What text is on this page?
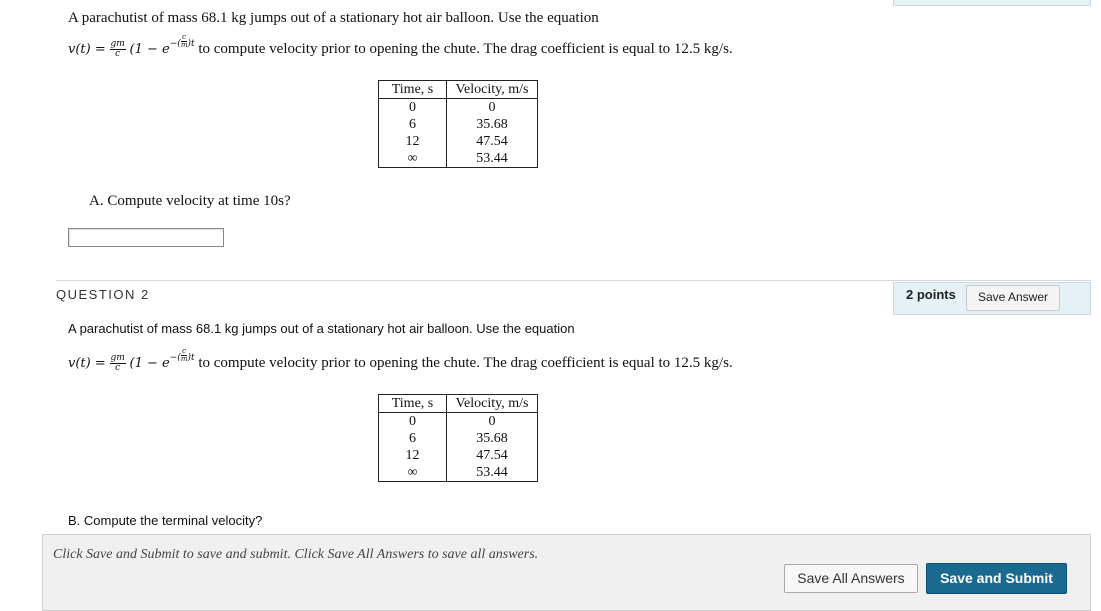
A parachutist of mass 68.1 kg jumps out of a stationary hot air balloon. Use the equation
$v(t) = \frac{gm}{c} (1 - e^{-(} \frac{c}{m} ^{)t}$ to compute velocity prior to opening the chute. The drag coefficient is equal to 12.5 kg/s.
Time, s	Velocity, m/s
0	0
6	35.68
12	47.54
∞	53.44
A. Compute velocity at time 10s?
QUESTION 2	2 points	Save Answer
A parachutist of mass 68.1 kg jumps out of a stationary hot air balloon. Use the equation
$v(t) = \frac{gm}{c} (1 - e^{-(} \frac{c}{m} ^{)t}$ to compute velocity prior to opening the chute. The drag coefficient is equal to 12.5 kg/s.
Time, s	Velocity, m/s
0	0
6	35.68
12	47.54
∞	53.44
B. Compute the terminal velocity?
Click Save and Submit to save and submit. Click Save All Answers to save all answers.
Save All Answers	Save and Submit
